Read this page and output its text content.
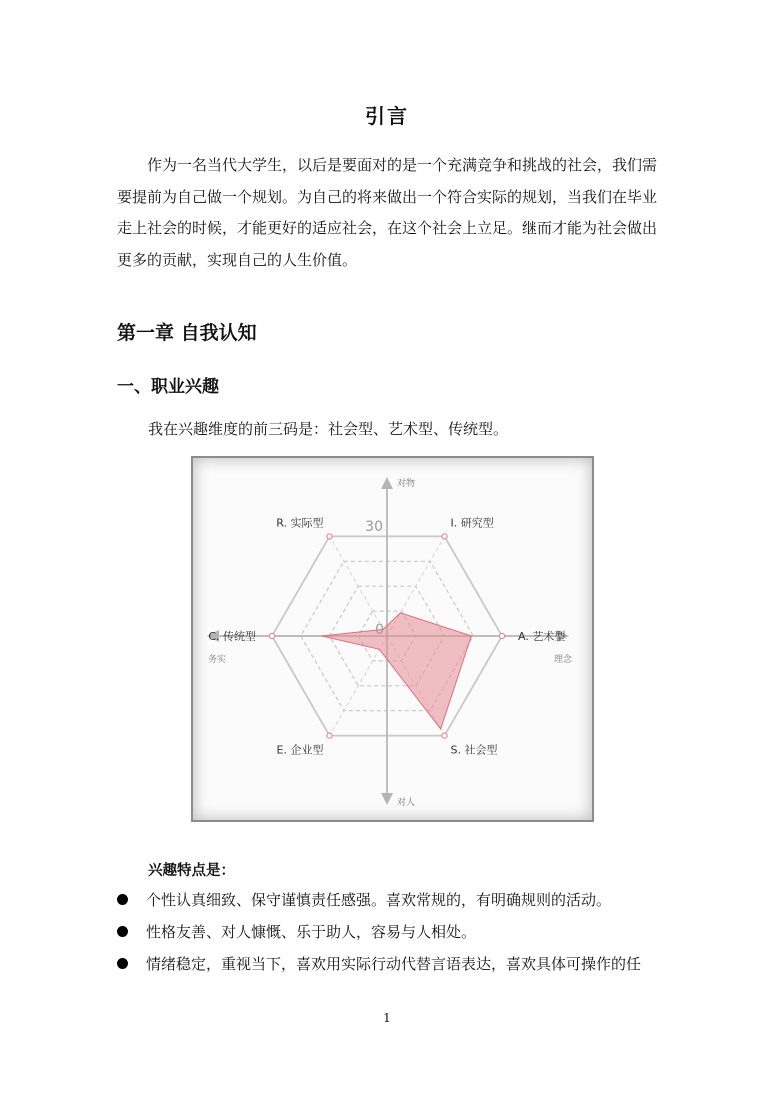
引言

作为一名当代大学生，以后是要面对的是一个充满竞争和挑战的社会，我们需要提前为自己做一个规划。为自己的将来做出一个符合实际的规划，当我们在毕业走上社会的时候，才能更好的适应社会，在这个社会上立足。继而才能为社会做出更多的贡献，实现自己的人生价值。

第一章 自我认知
一、职业兴趣

我在兴趣维度的前三码是：社会型、艺术型、传统型。

30
0
R. 实际型	I. 研究型
A. 艺术型
S. 社会型
E. 企业型
C. 传统型
对物
对人
务实	理念

兴趣特点是：

个性认真细致、保守谨慎责任感强。喜欢常规的，有明确规则的活动。
性格友善、对人慷慨、乐于助人，容易与人相处。
情绪稳定，重视当下，喜欢用实际行动代替言语表达，喜欢具体可操作的任
1
